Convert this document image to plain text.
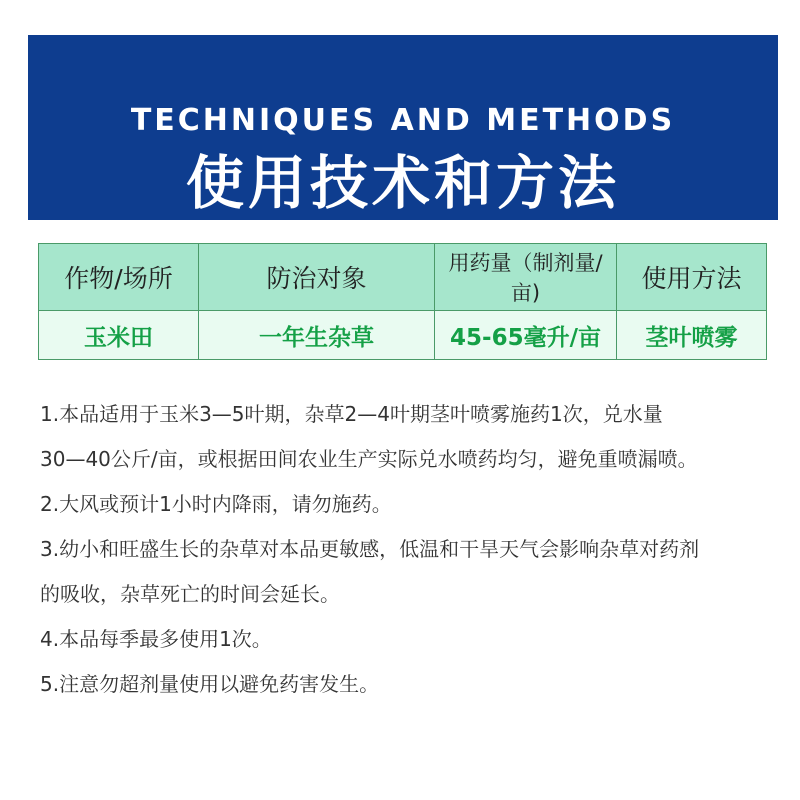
TECHNIQUES AND METHODS
使用技术和方法
作物/场所	防治对象	用药量（制剂量/亩)	使用方法
玉米田	一年生杂草	45-65毫升/亩	茎叶喷雾
1.本品适用于玉米3—5叶期，杂草2—4叶期茎叶喷雾施药1次，兑水量
30—40公斤/亩，或根据田间农业生产实际兑水喷药均匀，避免重喷漏喷。
2.大风或预计1小时内降雨，请勿施药。
3.幼小和旺盛生长的杂草对本品更敏感，低温和干旱天气会影响杂草对药剂
的吸收，杂草死亡的时间会延长。
4.本品每季最多使用1次。
5.注意勿超剂量使用以避免药害发生。
